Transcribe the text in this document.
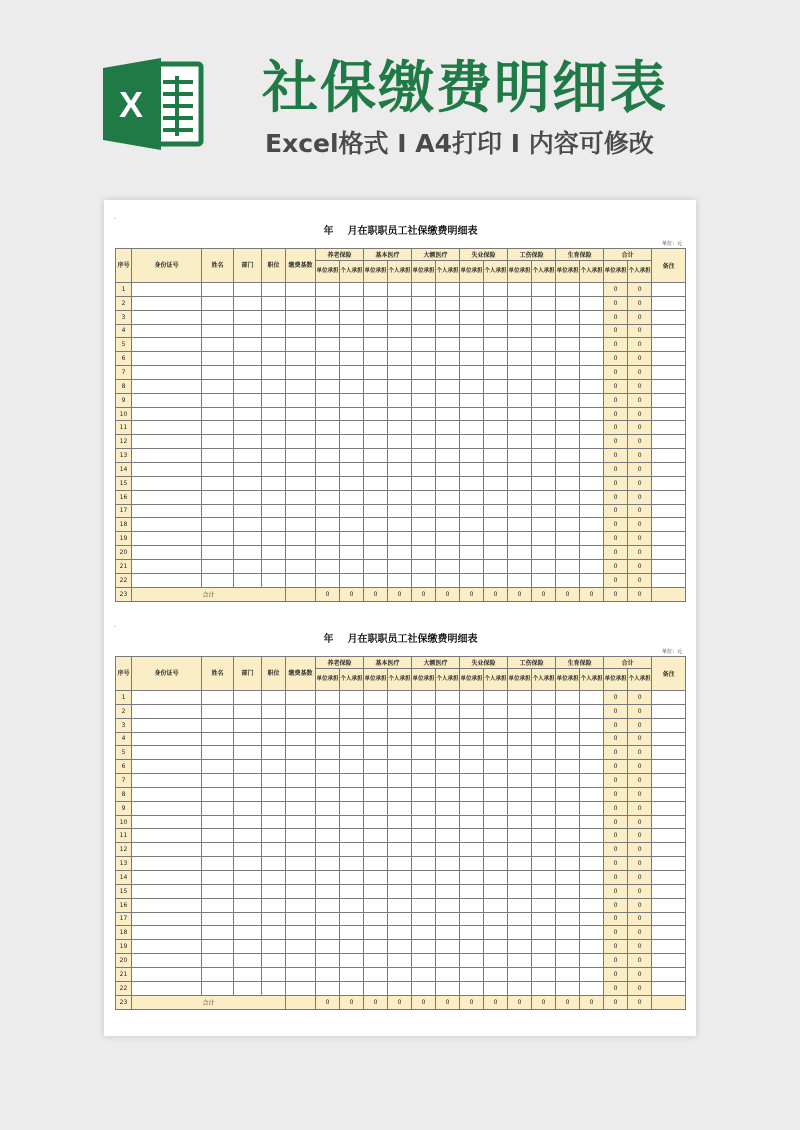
X 社保缴费明细表
Excel格式 I A4打印 I 内容可修改
ˊ
年 月在职职员工社保缴费明细表
单位：元
序号	身份证号	姓名	部门	职位	缴费基数	养老保险		基本医疗		大额医疗		失业保险		工伤保险		生育保险		合计		备注
						单位承担	个人承担	单位承担	个人承担	单位承担	个人承担	单位承担	个人承担	单位承担	个人承担	单位承担	个人承担	单位承担	个人承担	
1																		0	0	
2																		0	0	
3																		0	0	
4																		0	0	
5																		0	0	
6																		0	0	
7																		0	0	
8																		0	0	
9																		0	0	
10																		0	0	
11																		0	0	
12																		0	0	
13																		0	0	
14																		0	0	
15																		0	0	
16																		0	0	
17																		0	0	
18																		0	0	
19																		0	0	
20																		0	0	
21																		0	0	
22																		0	0	
23	合计					0	0	0	0	0	0	0	0	0	0	0	0	0	0	
ˊ
年 月在职职员工社保缴费明细表
单位：元
序号	身份证号	姓名	部门	职位	缴费基数	养老保险		基本医疗		大额医疗		失业保险		工伤保险		生育保险		合计		备注
						单位承担	个人承担	单位承担	个人承担	单位承担	个人承担	单位承担	个人承担	单位承担	个人承担	单位承担	个人承担	单位承担	个人承担	
1																		0	0	
2																		0	0	
3																		0	0	
4																		0	0	
5																		0	0	
6																		0	0	
7																		0	0	
8																		0	0	
9																		0	0	
10																		0	0	
11																		0	0	
12																		0	0	
13																		0	0	
14																		0	0	
15																		0	0	
16																		0	0	
17																		0	0	
18																		0	0	
19																		0	0	
20																		0	0	
21																		0	0	
22																		0	0	
23	合计					0	0	0	0	0	0	0	0	0	0	0	0	0	0	
